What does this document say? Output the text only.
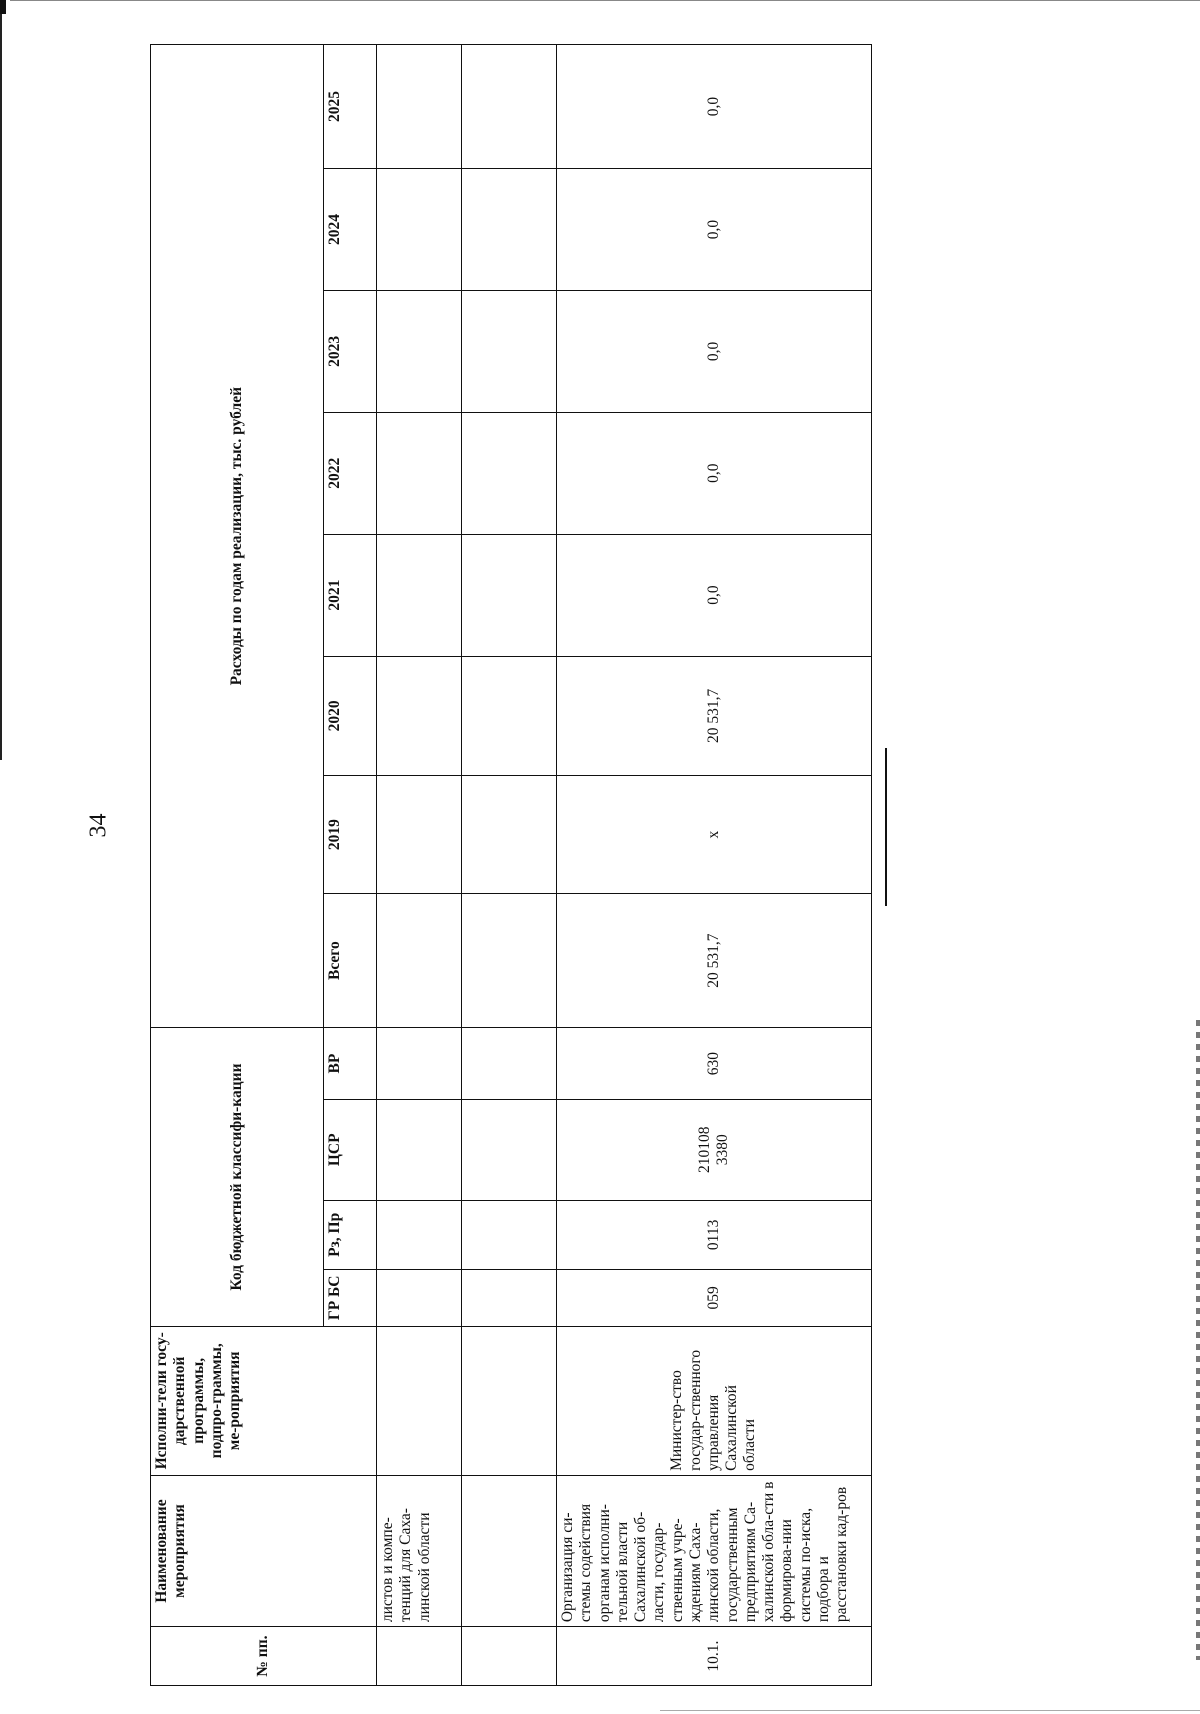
34
№ пп.	Наименование мероприятия	Исполни-тели госу-дарственной программы, подпро-граммы, ме-роприятия	Код бюджетной классифи-кации				Расходы по годам реализации, тыс. рублей							
			ГР БС	Рз, Пр	ЦСР	ВР	Всего	2019	2020	2021	2022	2023	2024	2025
	листов и компе-тенций для Саха-линской области				

10.1.	Организация си-стемы содействия органам исполни-тельной власти Сахалинской об-ласти, государ-ственным учре-ждениям Саха-линской области, государственным предприятиям Са-халинской обла-сти в формирова-нии системы по-иска, подбора и расстановки кад-ров	Министер-ство государ-ственного управления Сахалинской области	059	0113	210108 3380	630	20 531,7	x	20 531,7	0,0	0,0	0,0	0,0	0,0
